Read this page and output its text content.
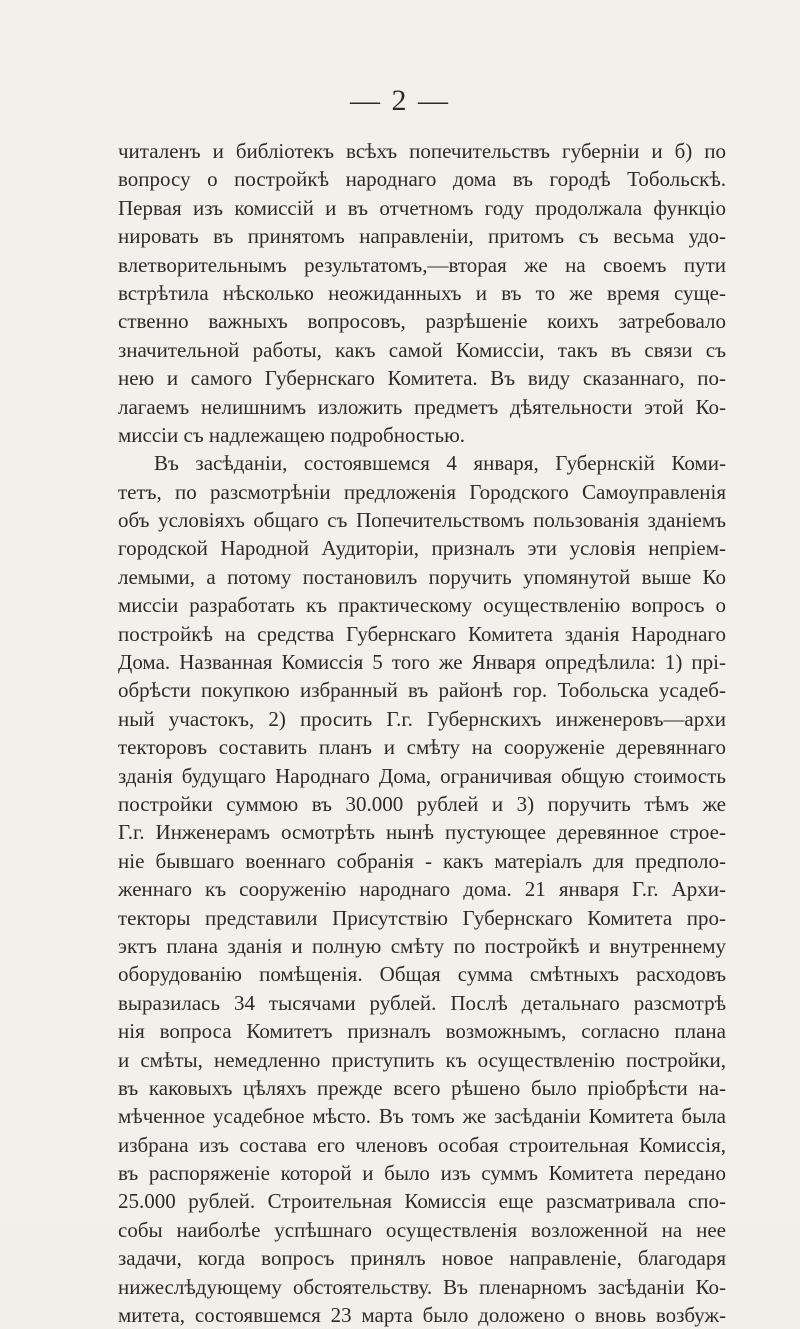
— 2 —
читаленъ и библіотекъ всѣхъ попечительствъ губерніи и б) по
вопросу о постройкѣ народнаго дома въ городѣ Тобольскѣ.
Первая изъ комиссій и въ отчетномъ году продолжала функціо
нировать въ принятомъ направленіи, притомъ съ весьма удо-
влетворительнымъ результатомъ,—вторая же на своемъ пути
встрѣтила нѣсколько неожиданныхъ и въ то же время суще-
ственно важныхъ вопросовъ, разрѣшеніе коихъ затребовало
значительной работы, какъ самой Комиссіи, такъ въ связи съ
нею и самого Губернскаго Комитета. Въ виду сказаннаго, по-
лагаемъ нелишнимъ изложить предметъ дѣятельности этой Ко-
миссіи съ надлежащею подробностью.
Въ засѣданіи, состоявшемся 4 января, Губернскій Коми-
тетъ, по разсмотрѣніи предложенія Городского Самоуправленія
объ условіяхъ общаго съ Попечительствомъ пользованія зданіемъ
городской Народной Аудиторіи, призналъ эти условія непріем-
лемыми, а потому постановилъ поручить упомянутой выше Ко
миссіи разработать къ практическому осуществленію вопросъ о
постройкѣ на средства Губернскаго Комитета зданія Народнаго
Дома. Названная Комиссія 5 того же Января опредѣлила: 1) прі-
обрѣсти покупкою избранный въ районѣ гор. Тобольска усадеб-
ный участокъ, 2) просить Г.г. Губернскихъ инженеровъ—архи
текторовъ составить планъ и смѣту на сооруженіе деревяннаго
зданія будущаго Народнаго Дома, ограничивая общую стоимость
постройки суммою въ 30.000 рублей и 3) поручить тѣмъ же
Г.г. Инженерамъ осмотрѣть нынѣ пустующее деревянное строе-
ніе бывшаго военнаго собранія - какъ матеріалъ для предполо-
женнаго къ сооруженію народнаго дома. 21 января Г.г. Архи-
текторы представили Присутствію Губернскаго Комитета про-
эктъ плана зданія и полную смѣту по постройкѣ и внутреннему
оборудованію помѣщенія. Общая сумма смѣтныхъ расходовъ
выразилась 34 тысячами рублей. Послѣ детальнаго разсмотрѣ
нія вопроса Комитетъ призналъ возможнымъ, согласно плана
и смѣты, немедленно приступить къ осуществленію постройки,
въ каковыхъ цѣляхъ прежде всего рѣшено было пріобрѣсти на-
мѣченное усадебное мѣсто. Въ томъ же засѣданіи Комитета была
избрана изъ состава его членовъ особая строительная Комиссія,
въ распоряженіе которой и было изъ суммъ Комитета передано
25.000 рублей. Строительная Комиссія еще разсматривала спо-
собы наиболѣе успѣшнаго осуществленія возложенной на нее
задачи, когда вопросъ принялъ новое направленіе, благодаря
нижеслѣдующему обстоятельству. Въ пленарномъ засѣданіи Ко-
митета, состоявшемся 23 марта было доложено о вновь возбуж-
